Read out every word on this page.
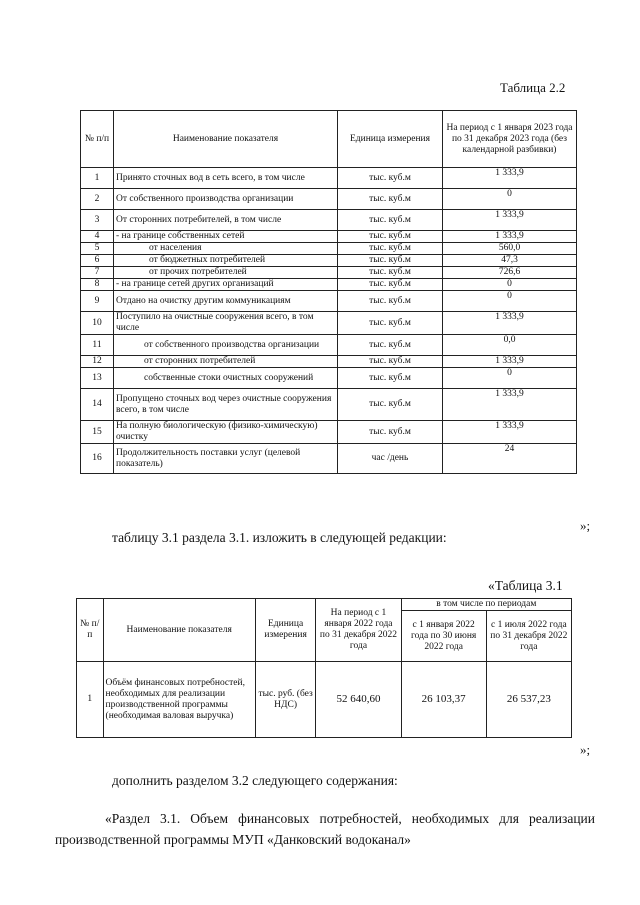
Таблица 2.2
№ п/п	Наименование показателя	Единица измерения	На период с 1 января 2023 года по 31 декабря 2023 года (без календарной разбивки)
1	Принято сточных вод в сеть всего, в том числе	тыс. куб.м	1 333,9
2	От собственного производства организации	тыс. куб.м	0
3	От сторонних потребителей, в том числе	тыс. куб.м	1 333,9
4	- на границе собственных сетей	тыс. куб.м	1 333,9
5	от населения	тыс. куб.м	560,0
6	от бюджетных потребителей	тыс. куб.м	47,3
7	от прочих потребителей	тыс. куб.м	726,6
8	- на границе сетей других организаций	тыс. куб.м	0
9	Отдано на очистку другим коммуникациям	тыс. куб.м	0
10	Поступило на очистные сооружения всего, в том числе	тыс. куб.м	1 333,9
11	от собственного производства организации	тыс. куб.м	0,0
12	от сторонних потребителей	тыс. куб.м	1 333,9
13	собственные стоки очистных сооружений	тыс. куб.м	0
14	Пропущено сточных вод через очистные сооружения всего, в том числе	тыс. куб.м	1 333,9
15	На полную биологическую (физико-химическую) очистку	тыс. куб.м	1 333,9
16	Продолжительность поставки услуг (целевой показатель)	час /день	24
»;
таблицу 3.1 раздела 3.1. изложить в следующей редакции:
«Таблица 3.1
№ п/п	Наименование показателя	Единица измерения	На период с 1 января 2022 года по 31 декабря 2022 года	в том числе по периодам	
				с 1 января 2022 года по 30 июня 2022 года	с 1 июля 2022 года по 31 декабря 2022 года
1	Объём финансовых потребностей, необходимых для реализации производственной программы (необходимая валовая выручка)	тыс. руб. (без НДС)	52 640,60	26 103,37	26 537,23
»;
дополнить разделом 3.2 следующего содержания:
«Раздел 3.1. Объем финансовых потребностей, необходимых для реализации производственной программы МУП «Данковский водоканал»
